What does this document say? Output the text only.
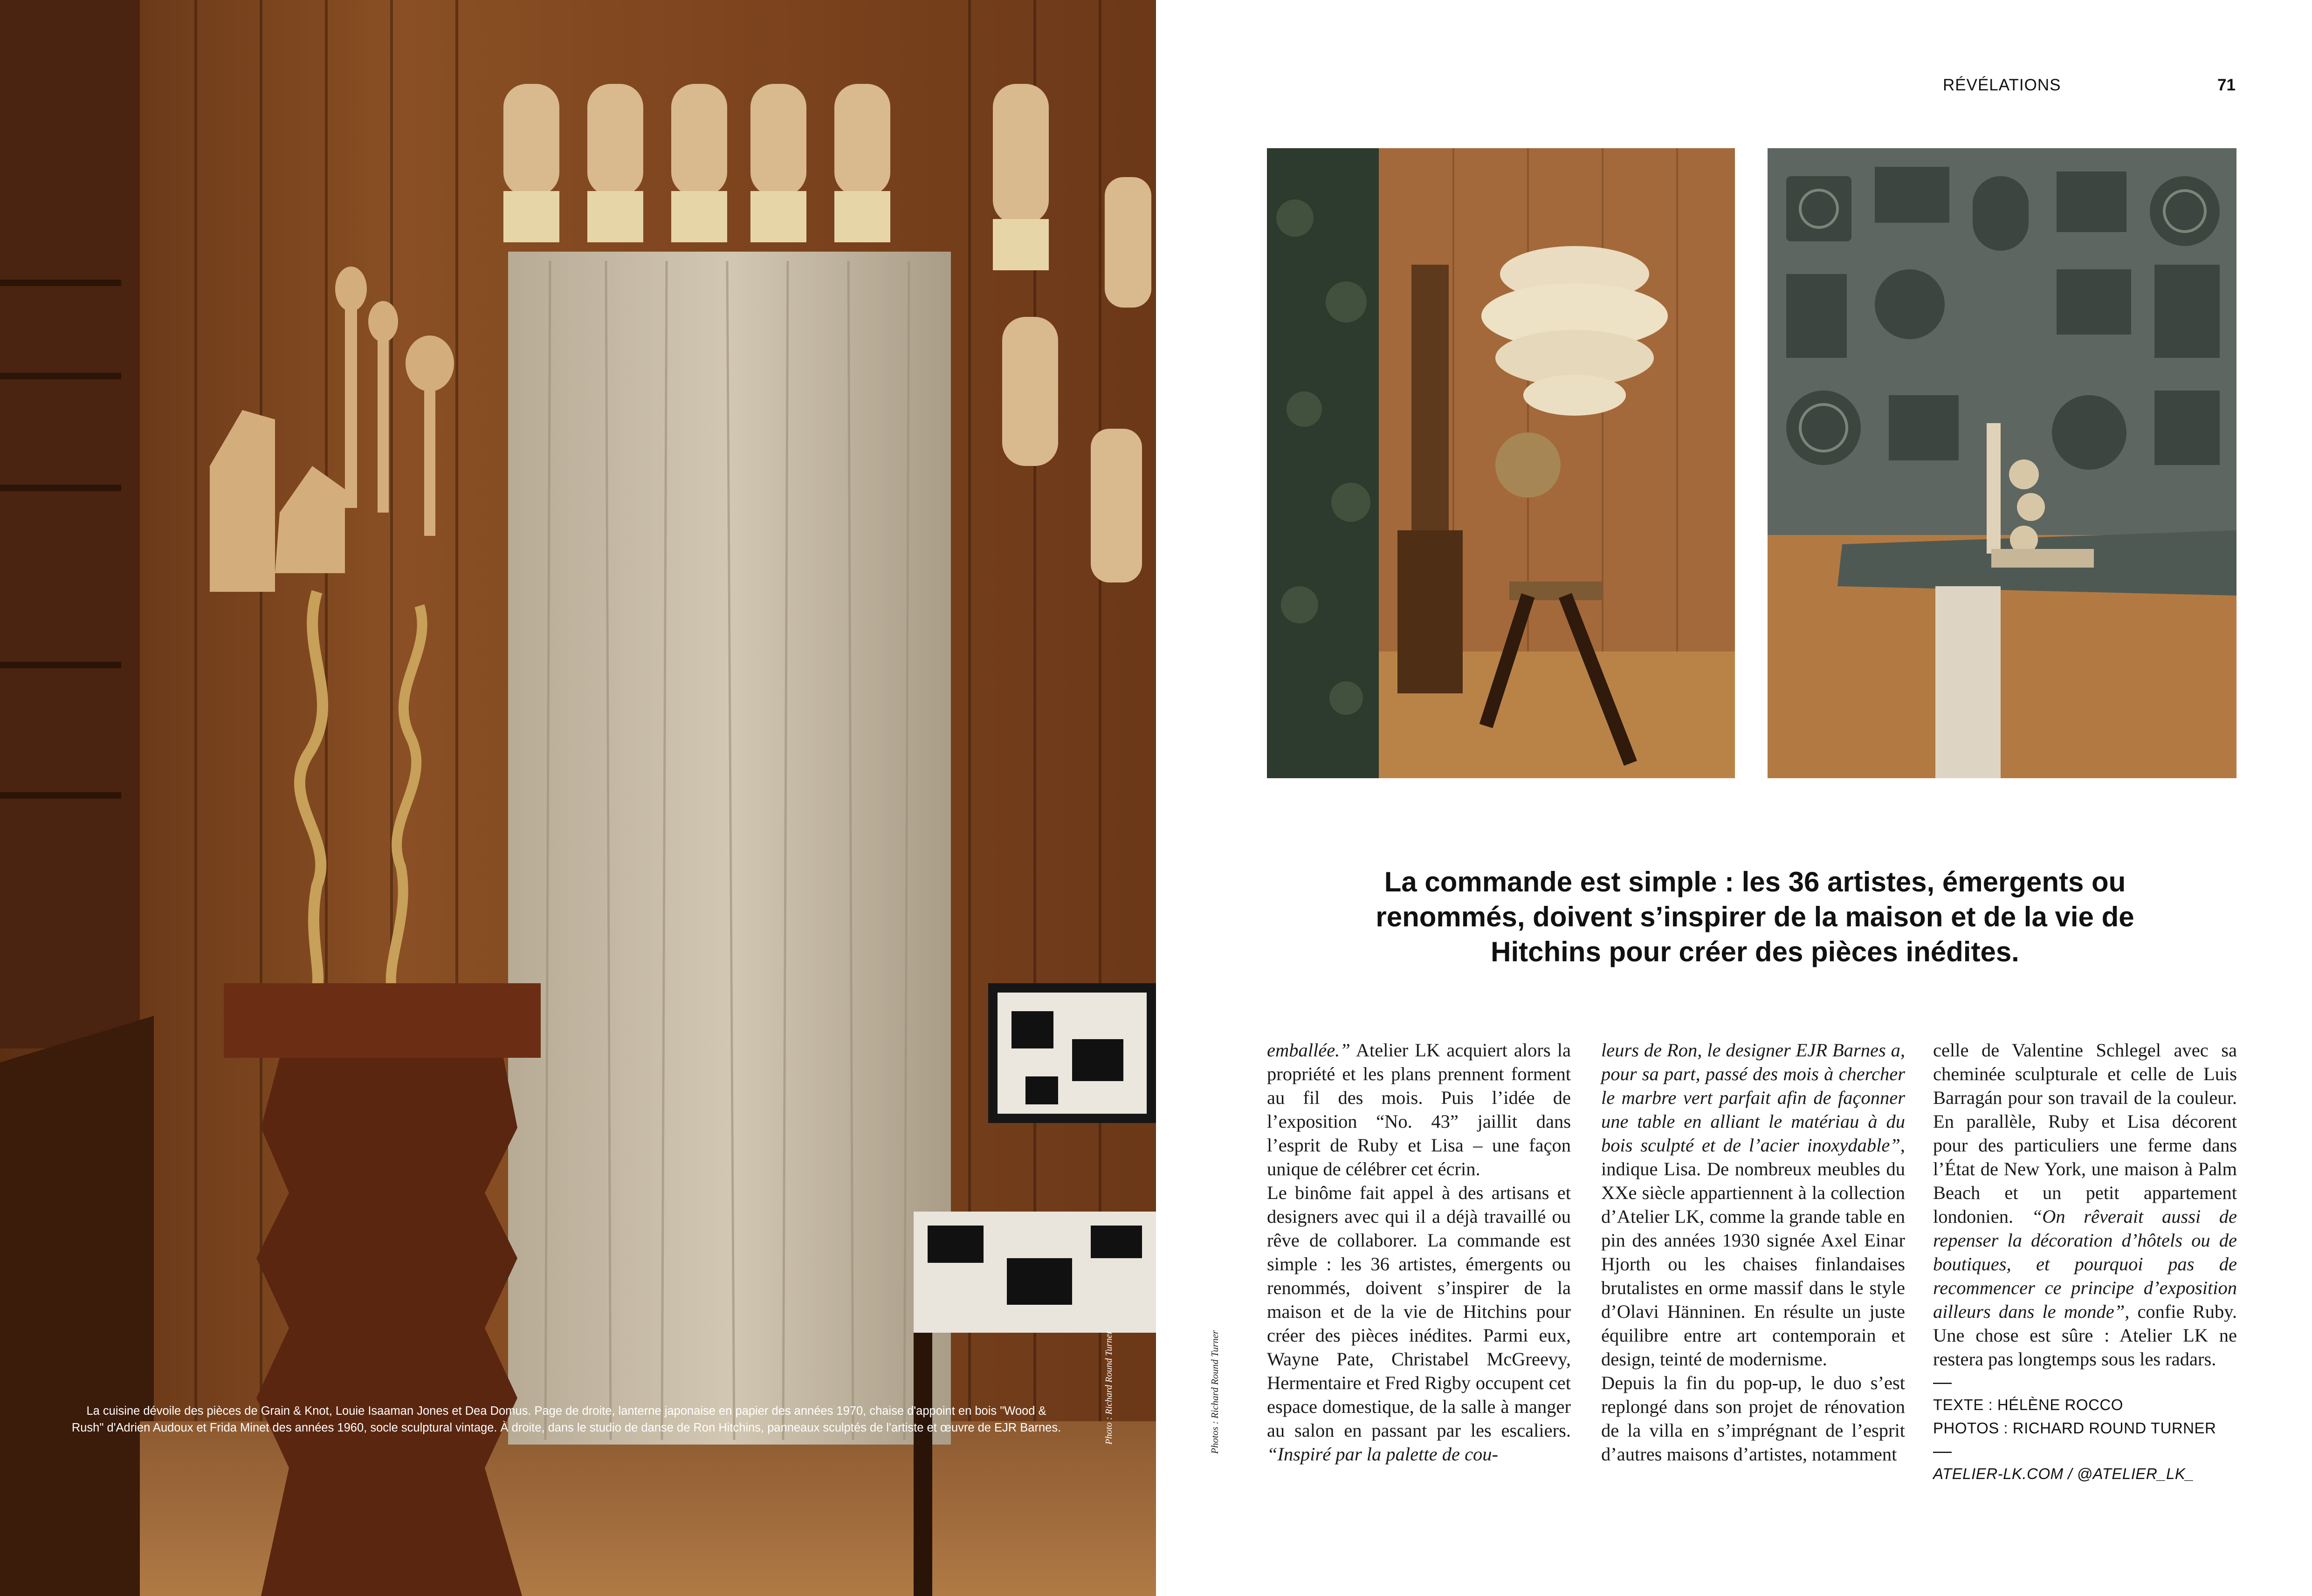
La cuisine dévoile des pièces de Grain & Knot, Louie Isaaman Jones et Dea Domus. Page de droite, lanterne japonaise en papier des années 1970, chaise d'appoint en bois "Wood & Rush" d'Adrien Audoux et Frida Minet des années 1960, socle sculptural vintage. À droite, dans le studio de danse de Ron Hitchins, panneaux sculptés de l'artiste et œuvre de EJR Barnes.	Photo : Richard Round Turner	Photos : Richard Round Turner
RÉVÉLATIONS	71
La commande est simple : les 36 artistes, émergents ou renommés, doivent s’inspirer de la maison et de la vie de Hitchins pour créer des pièces inédites.

emballée.” Atelier LK acquiert alors la propriété et les plans prennent forment au fil des mois. Puis l’idée de l’exposition “No. 43” jaillit dans l’esprit de Ruby et Lisa – une façon unique de célébrer cet écrin.

Le binôme fait appel à des artisans et designers avec qui il a déjà travaillé ou rêve de collaborer. La commande est simple : les 36 artistes, émergents ou renommés, doivent s’inspirer de la maison et de la vie de Hitchins pour créer des pièces inédites. Parmi eux, Wayne Pate, Christabel McGreevy, Hermentaire et Fred Rigby occupent cet espace domestique, de la salle à manger au salon en passant par les escaliers. “Inspiré par la palette de cou-

leurs de Ron, le designer EJR Barnes a, pour sa part, passé des mois à chercher le marbre vert parfait afin de façonner une table en alliant le matériau à du bois sculpté et de l’acier inoxydable”, indique Lisa. De nombreux meubles du XXe siècle appartiennent à la collection d’Atelier LK, comme la grande table en pin des années 1930 signée Axel Einar Hjorth ou les chaises finlandaises brutalistes en orme massif dans le style d’Olavi Hänninen. En résulte un juste équilibre entre art contemporain et design, teinté de modernisme.

Depuis la fin du pop-up, le duo s’est replongé dans son projet de rénovation de la villa en s’imprégnant de l’esprit d’autres maisons d’artistes, notamment

celle de Valentine Schlegel avec sa cheminée sculpturale et celle de Luis Barragán pour son travail de la couleur. En parallèle, Ruby et Lisa décorent pour des particuliers une ferme dans l’État de New York, une maison à Palm Beach et un petit appartement londonien. “On rêverait aussi de repenser la décoration d’hôtels ou de boutiques, et pourquoi pas de recommencer ce principe d’exposition ailleurs dans le monde”, confie Ruby. Une chose est sûre : Atelier LK ne restera pas longtemps sous les radars.

—
TEXTE : HÉLÈNE ROCCO
PHOTOS : RICHARD ROUND TURNER
—
ATELIER-LK.COM / @ATELIER_LK_
